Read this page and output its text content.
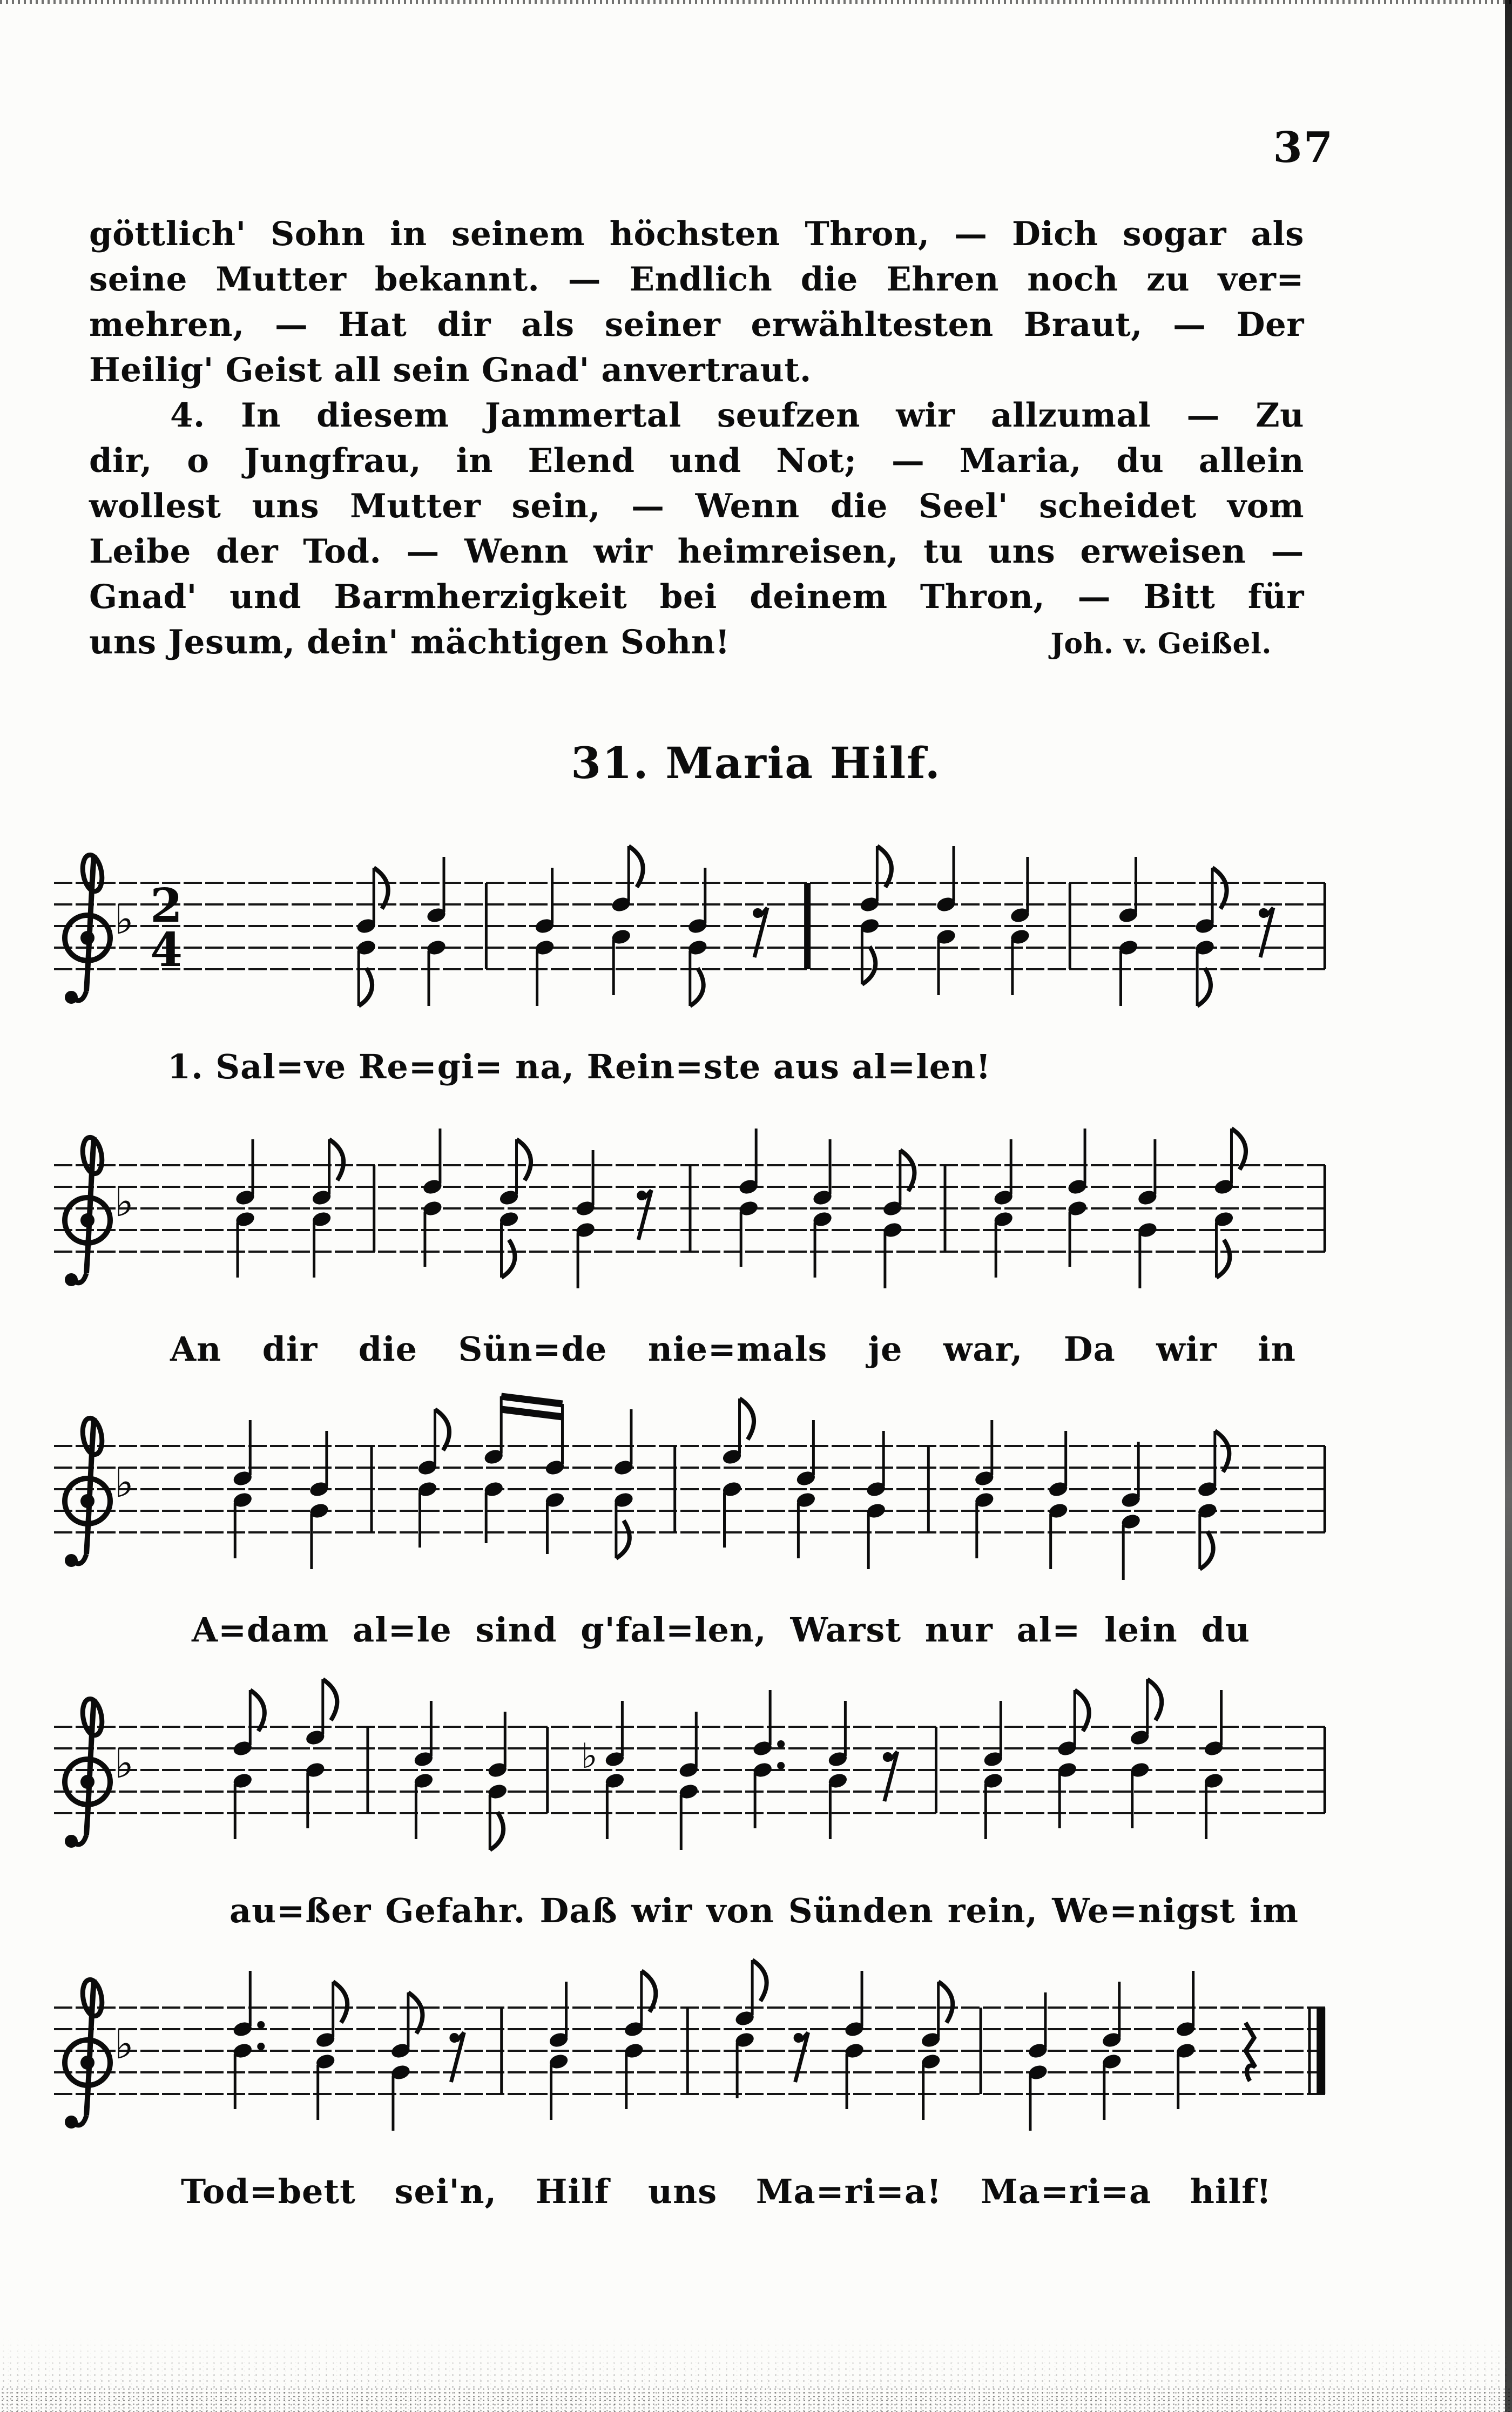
37
göttlich' Sohn in seinem höchsten Thron, — Dich sogar als
seine Mutter bekannt. — Endlich die Ehren noch zu ver=
mehren, — Hat dir als seiner erwähltesten Braut, — Der
Heilig' Geist all sein Gnad' anvertraut.
4. In diesem Jammertal seufzen wir allzumal — Zu
dir, o Jungfrau, in Elend und Not; — Maria, du allein
wollest uns Mutter sein, — Wenn die Seel' scheidet vom
Leibe der Tod. — Wenn wir heimreisen, tu uns erweisen —
Gnad' und Barmherzigkeit bei deinem Thron, — Bitt für
uns Jesum, dein' mächtigen Sohn!	Joh. v. Geißel.
31. Maria Hilf.
♭ 2
4
1. Sal=ve Re=gi= na, Rein=ste aus al=len!
♭
An dir die Sün=de nie=mals je war, Da wir in
♭
A=dam al=le sind g'fal=len, Warst nur al= lein du
♭	♭
au=ßer Gefahr. Daß wir von Sünden rein, We=nigst im
♭
Tod=bett sei'n, Hilf uns Ma=ri=a! Ma=ri=a hilf!
